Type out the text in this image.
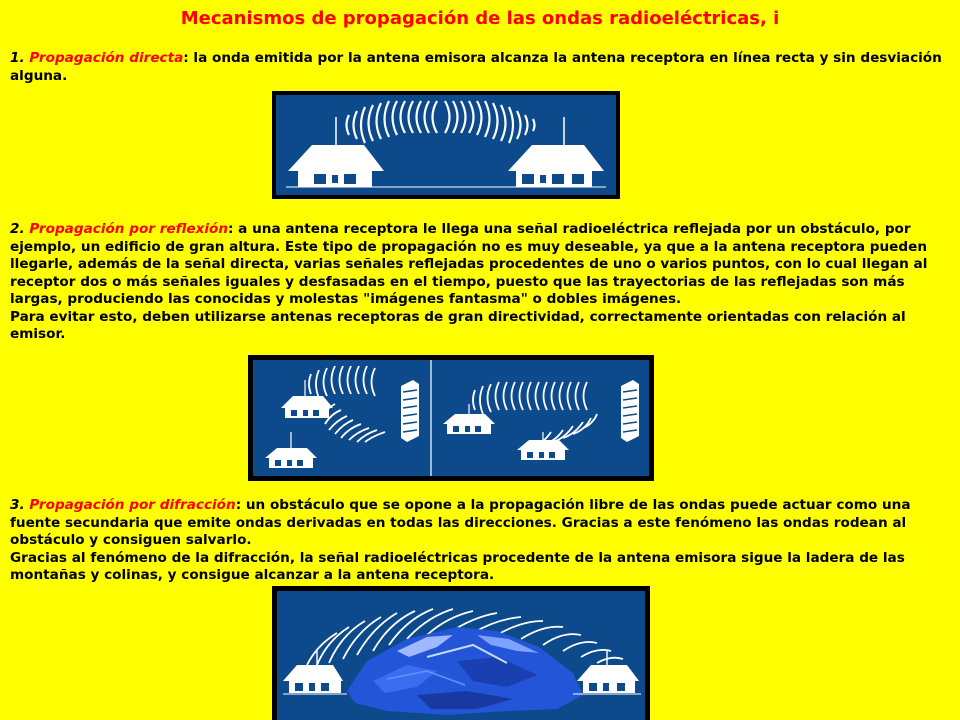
Mecanismos de propagación de las ondas radioeléctricas, i

1. Propagación directa: la onda emitida por la antena emisora alcanza la antena receptora en línea recta y sin desviación alguna.

2. Propagación por reflexión: a una antena receptora le llega una señal radioeléctrica reflejada por un obstáculo, por ejemplo, un edificio de gran altura. Este tipo de propagación no es muy deseable, ya que a la antena receptora pueden llegarle, además de la señal directa, varias señales reflejadas procedentes de uno o varios puntos, con lo cual llegan al receptor dos o más señales iguales y desfasadas en el tiempo, puesto que las trayectorias de las reflejadas son más largas, produciendo las conocidas y molestas "imágenes fantasma" o dobles imágenes.
Para evitar esto, deben utilizarse antenas receptoras de gran directividad, correctamente orientadas con relación al emisor.

3. Propagación por difracción: un obstáculo que se opone a la propagación libre de las ondas puede actuar como una fuente secundaria que emite ondas derivadas en todas las direcciones. Gracias a este fenómeno las ondas rodean al obstáculo y consiguen salvarlo.
Gracias al fenómeno de la difracción, la señal radioeléctricas procedente de la antena emisora sigue la ladera de las montañas y colinas, y consigue alcanzar a la antena receptora.
